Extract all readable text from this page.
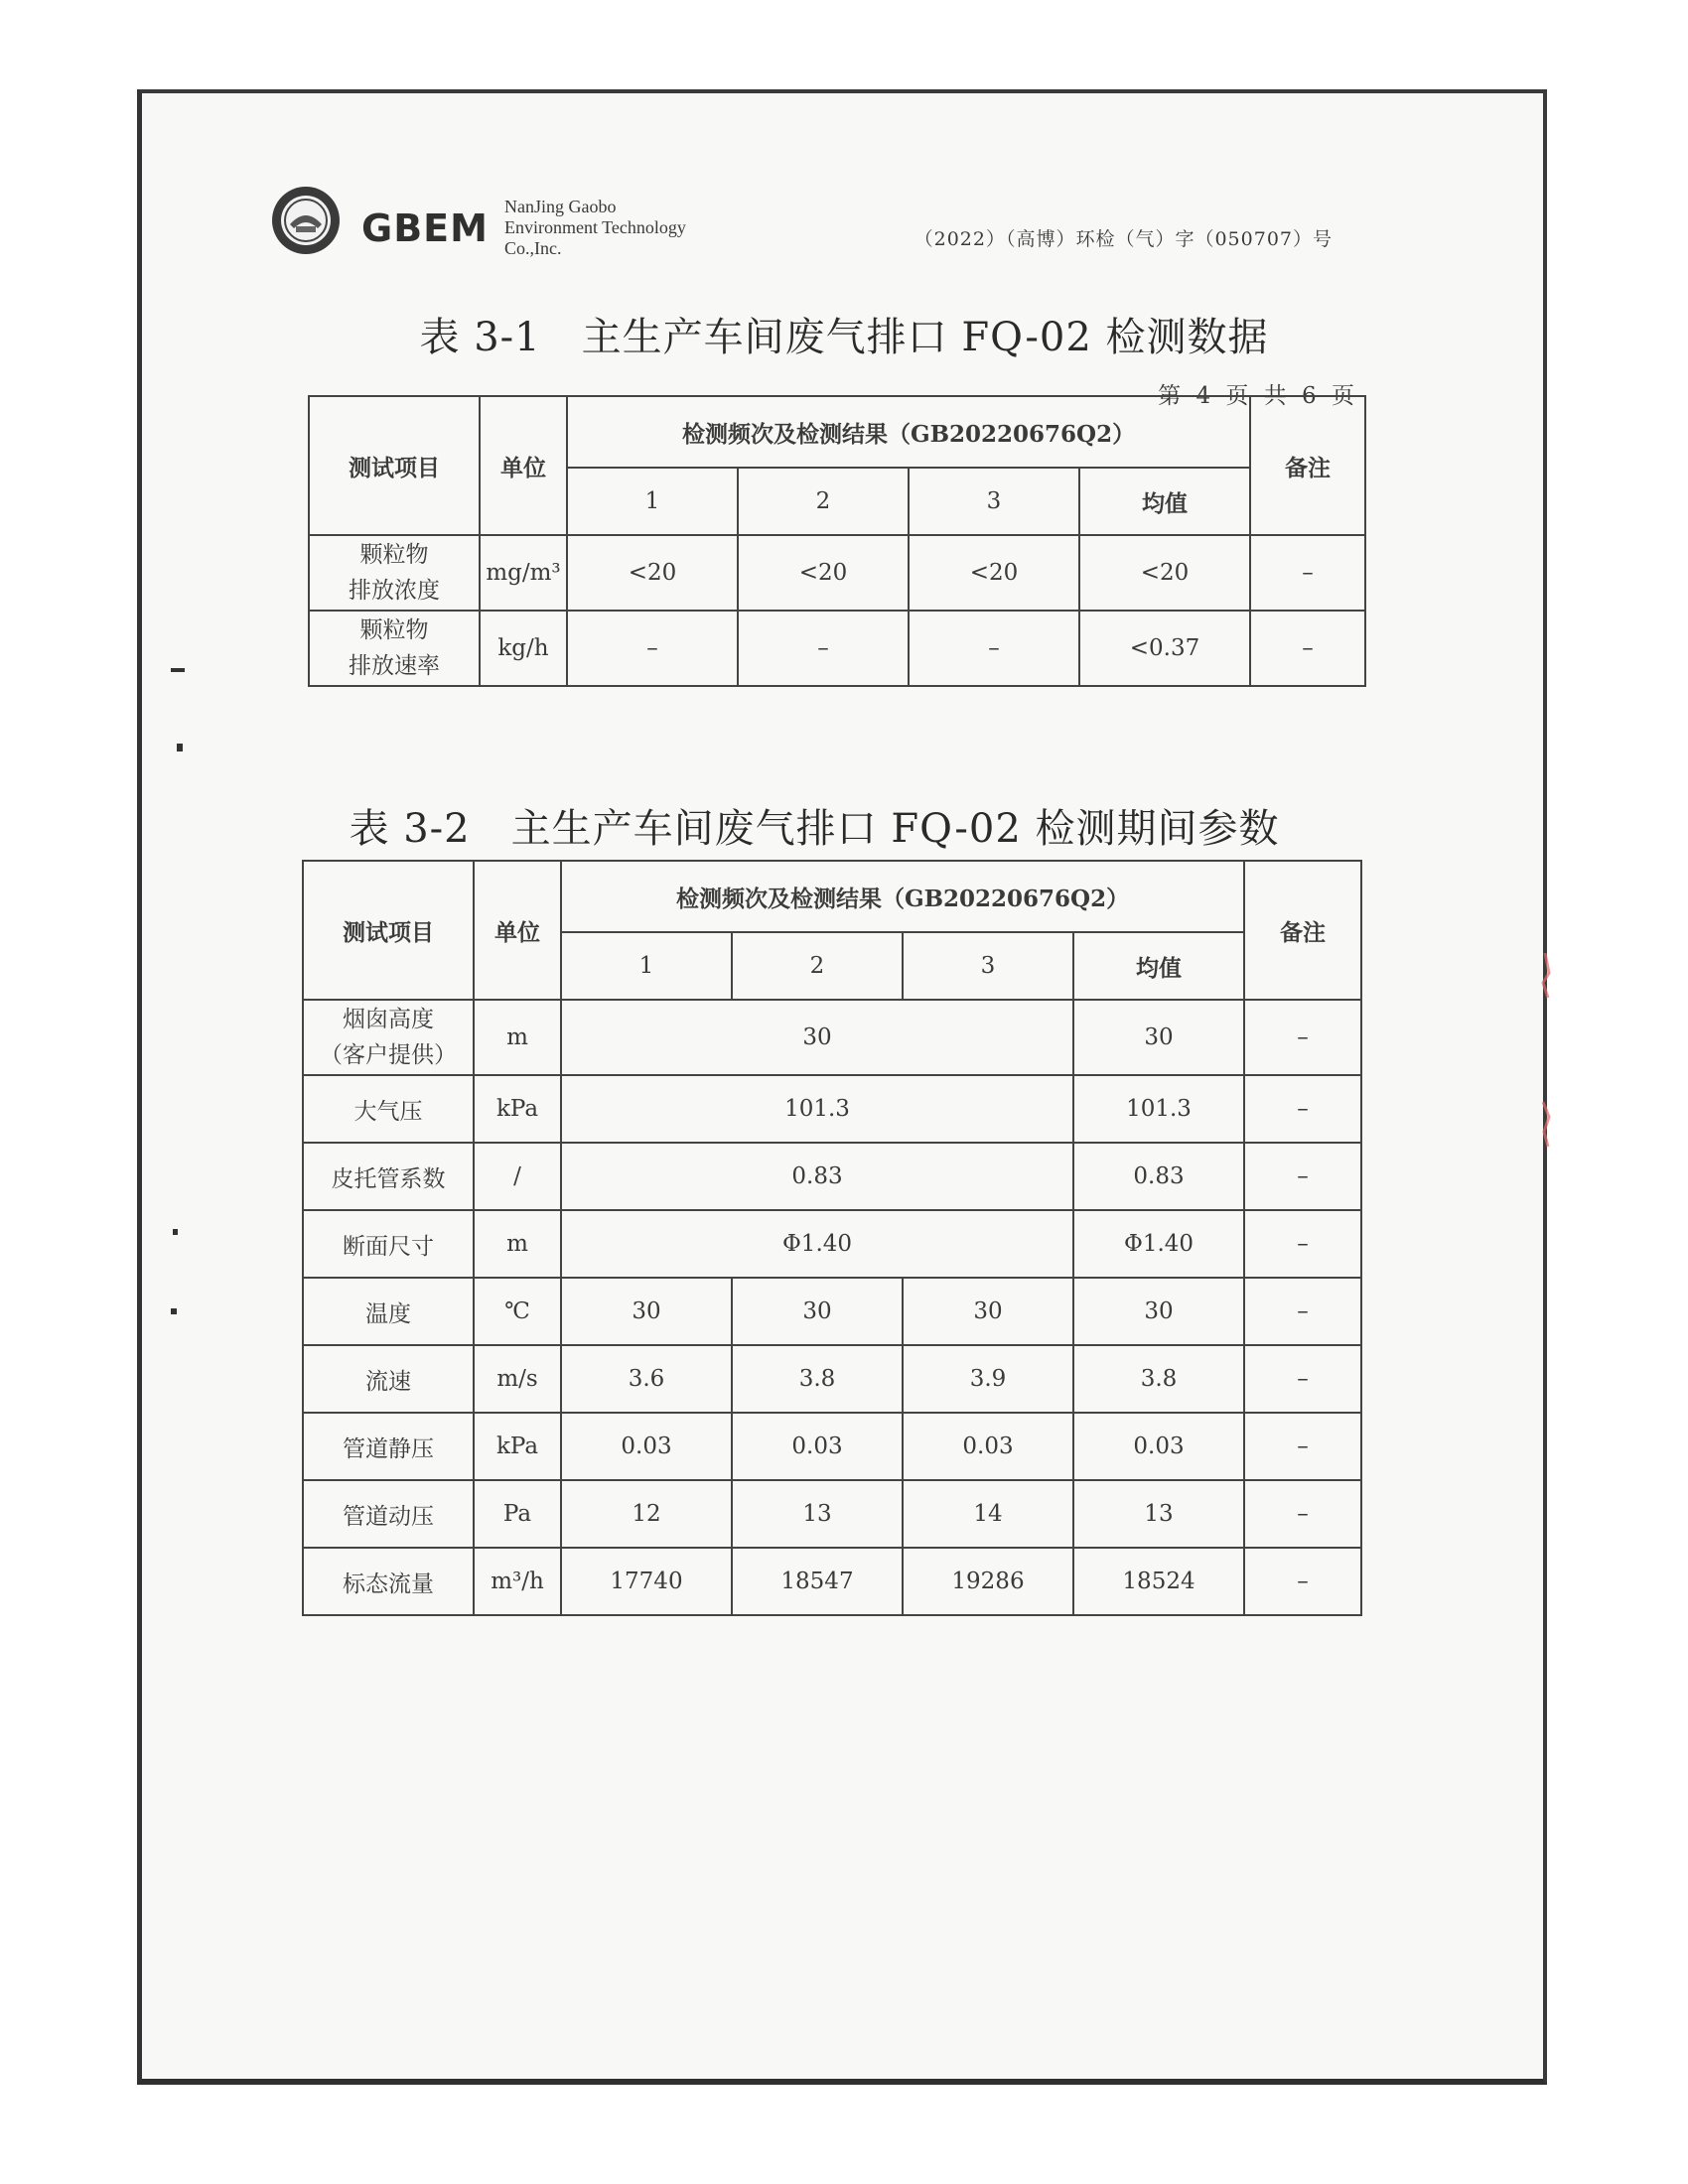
GBEM NanJing Gaobo
Environment Technology
Co.,Inc.	（2022）（高博）环检（气）字（050707）号
表 3-1　主生产车间废气排口 FQ-02 检测数据
第 4 页 共 6 页
测试项目	单位	检测频次及检测结果（GB20220676Q2）				备注
		1	2	3	均值	

颗粒物
排放浓度	mg/m³	<20	<20	<20	<20	–

颗粒物
排放速率	kg/h	–	–	–	<0.37	–
表 3-2　主生产车间废气排口 FQ-02 检测期间参数
测试项目	单位	检测频次及检测结果（GB20220676Q2）				备注
		1	2	3	均值	

烟囱高度
（客户提供）	m	30			30	–
大气压	kPa	101.3			101.3	–
皮托管系数	/	0.83			0.83	–
断面尺寸	m	Φ1.40			Φ1.40	–
温度	℃	30	30	30	30	–
流速	m/s	3.6	3.8	3.9	3.8	–
管道静压	kPa	0.03	0.03	0.03	0.03	–
管道动压	Pa	12	13	14	13	–
标态流量	m³/h	17740	18547	19286	18524	–
